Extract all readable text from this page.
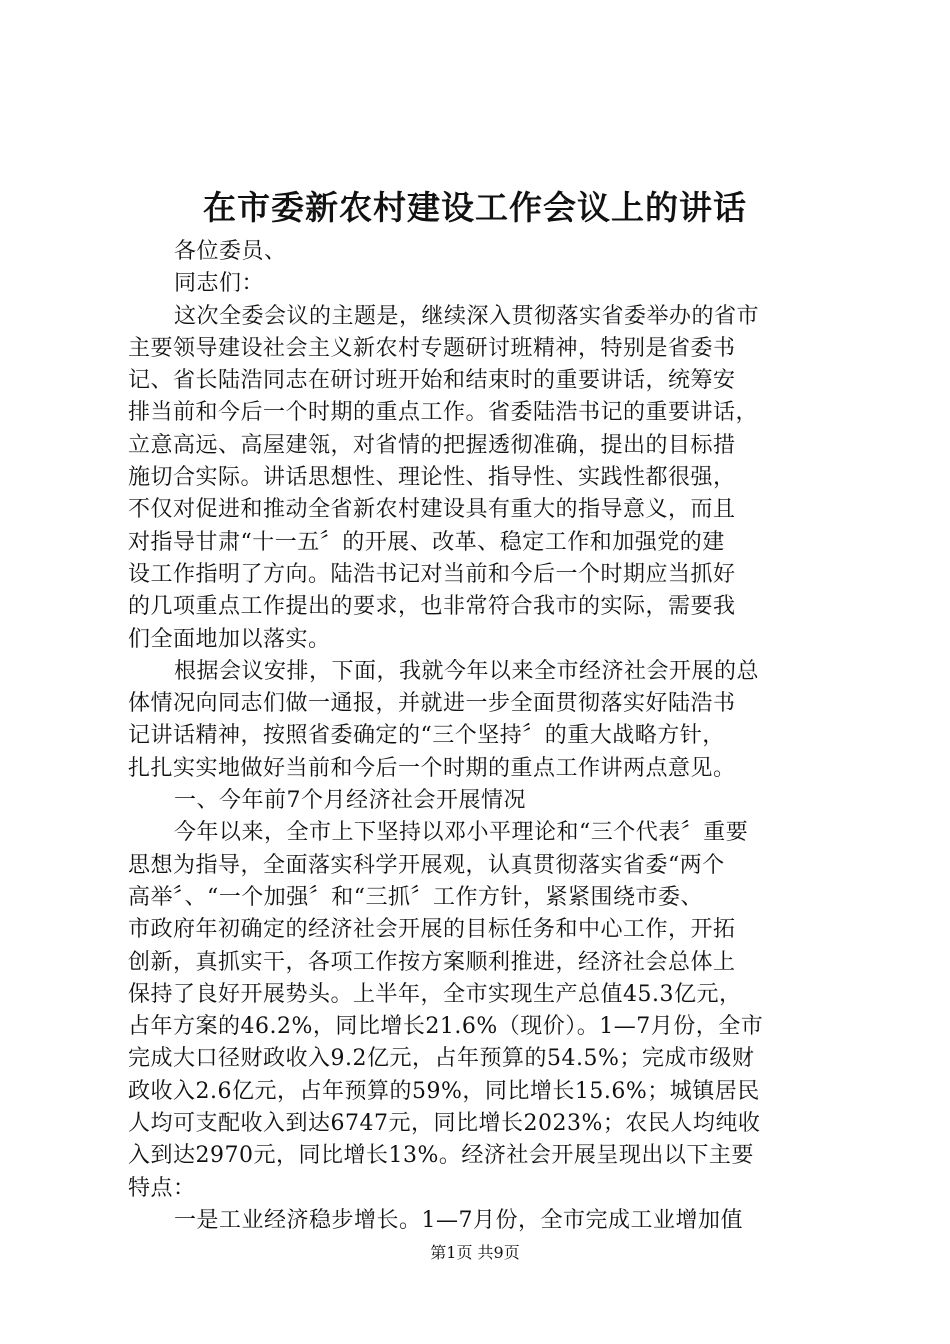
在市委新农村建设工作会议上的讲话
各位委员、
同志们：
这次全委会议的主题是，继续深入贯彻落实省委举办的省市
主要领导建设社会主义新农村专题研讨班精神，特别是省委书
记、省长陆浩同志在研讨班开始和结束时的重要讲话，统筹安
排当前和今后一个时期的重点工作。省委陆浩书记的重要讲话，
立意高远、高屋建瓴，对省情的把握透彻准确，提出的目标措
施切合实际。讲话思想性、理论性、指导性、实践性都很强，
不仅对促进和推动全省新农村建设具有重大的指导意义，而且
对指导甘肃“十一五〞的开展、改革、稳定工作和加强党的建
设工作指明了方向。陆浩书记对当前和今后一个时期应当抓好
的几项重点工作提出的要求，也非常符合我市的实际，需要我
们全面地加以落实。
根据会议安排，下面，我就今年以来全市经济社会开展的总
体情况向同志们做一通报，并就进一步全面贯彻落实好陆浩书
记讲话精神，按照省委确定的“三个坚持〞的重大战略方针，
扎扎实实地做好当前和今后一个时期的重点工作讲两点意见。
一、今年前7个月经济社会开展情况
今年以来，全市上下坚持以邓小平理论和“三个代表〞重要
思想为指导，全面落实科学开展观，认真贯彻落实省委“两个
高举〞、“一个加强〞和“三抓〞工作方针，紧紧围绕市委、
市政府年初确定的经济社会开展的目标任务和中心工作，开拓
创新，真抓实干，各项工作按方案顺利推进，经济社会总体上
保持了良好开展势头。上半年，全市实现生产总值45.3亿元，
占年方案的46.2%，同比增长21.6%（现价）。1—7月份，全市
完成大口径财政收入9.2亿元，占年预算的54.5%；完成市级财
政收入2.6亿元，占年预算的59%，同比增长15.6%；城镇居民
人均可支配收入到达6747元，同比增长2023%；农民人均纯收
入到达2970元，同比增长13%。经济社会开展呈现出以下主要
特点：
一是工业经济稳步增长。1—7月份，全市完成工业增加值
第1页 共9页
